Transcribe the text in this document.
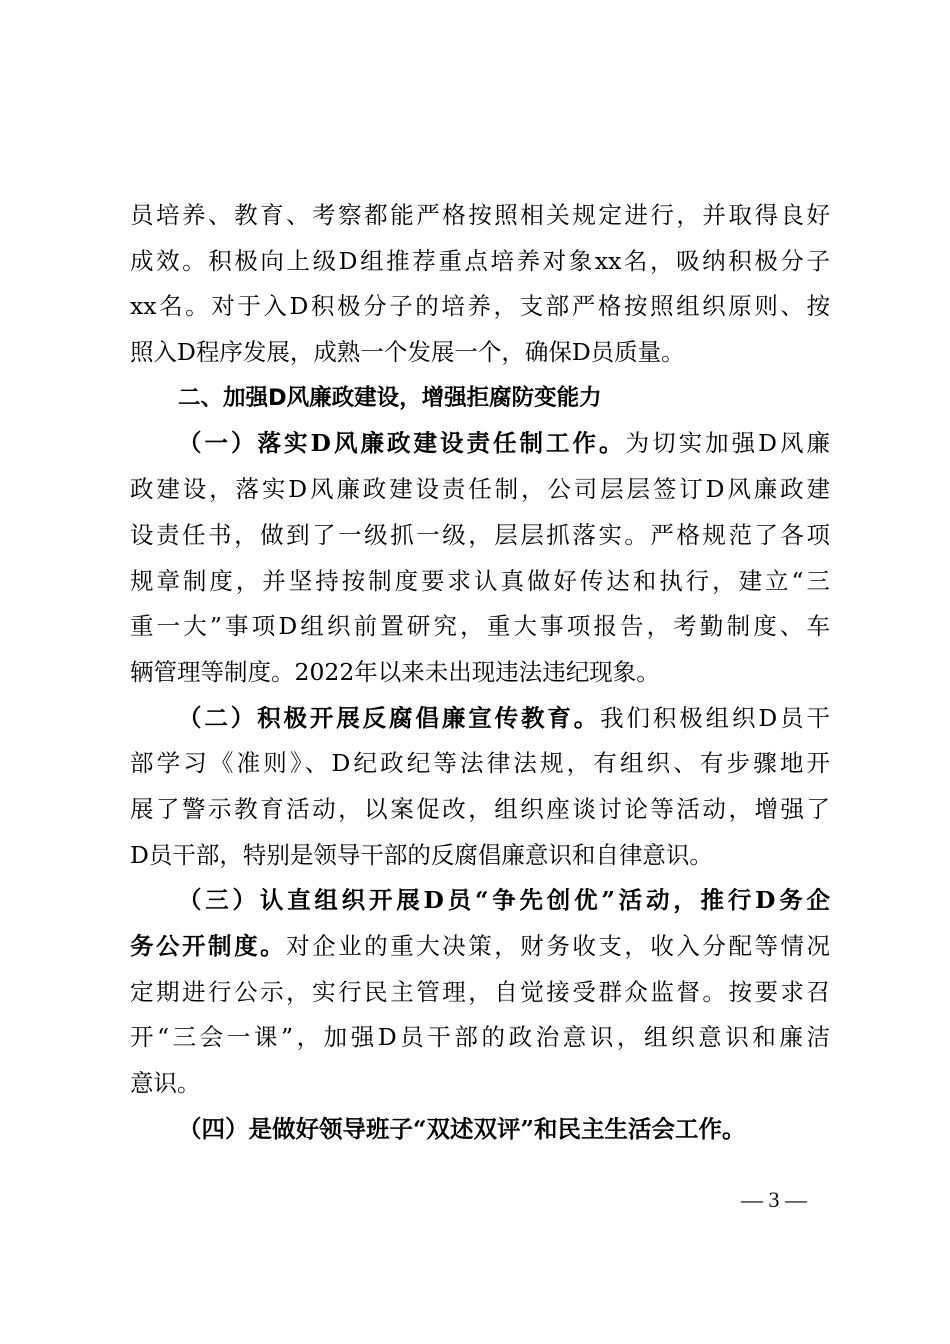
员培养、教育、考察都能严格按照相关规定进行，并取得良好
成效。积极向上级D组推荐重点培养对象xx名，吸纳积极分子
xx名。对于入D积极分子的培养，支部严格按照组织原则、按
照入D程序发展，成熟一个发展一个，确保D员质量。
二、加强D风廉政建设，增强拒腐防变能力
（一）落实D风廉政建设责任制工作。为切实加强D风廉
政建设，落实D风廉政建设责任制，公司层层签订D风廉政建
设责任书，做到了一级抓一级，层层抓落实。严格规范了各项
规章制度，并坚持按制度要求认真做好传达和执行，建立“三
重一大”事项D组织前置研究，重大事项报告，考勤制度、车
辆管理等制度。2022年以来未出现违法违纪现象。
（二）积极开展反腐倡廉宣传教育。我们积极组织D员干
部学习《准则》、D纪政纪等法律法规，有组织、有步骤地开
展了警示教育活动，以案促改，组织座谈讨论等活动，增强了
D员干部，特别是领导干部的反腐倡廉意识和自律意识。
（三）认直组织开展D员“争先创优”活动，推行D务企
务公开制度。对企业的重大决策，财务收支，收入分配等情况
定期进行公示，实行民主管理，自觉接受群众监督。按要求召
开“三会一课”，加强D员干部的政治意识，组织意识和廉洁
意识。
（四）是做好领导班子“双述双评”和民主生活会工作。
— 3 —
